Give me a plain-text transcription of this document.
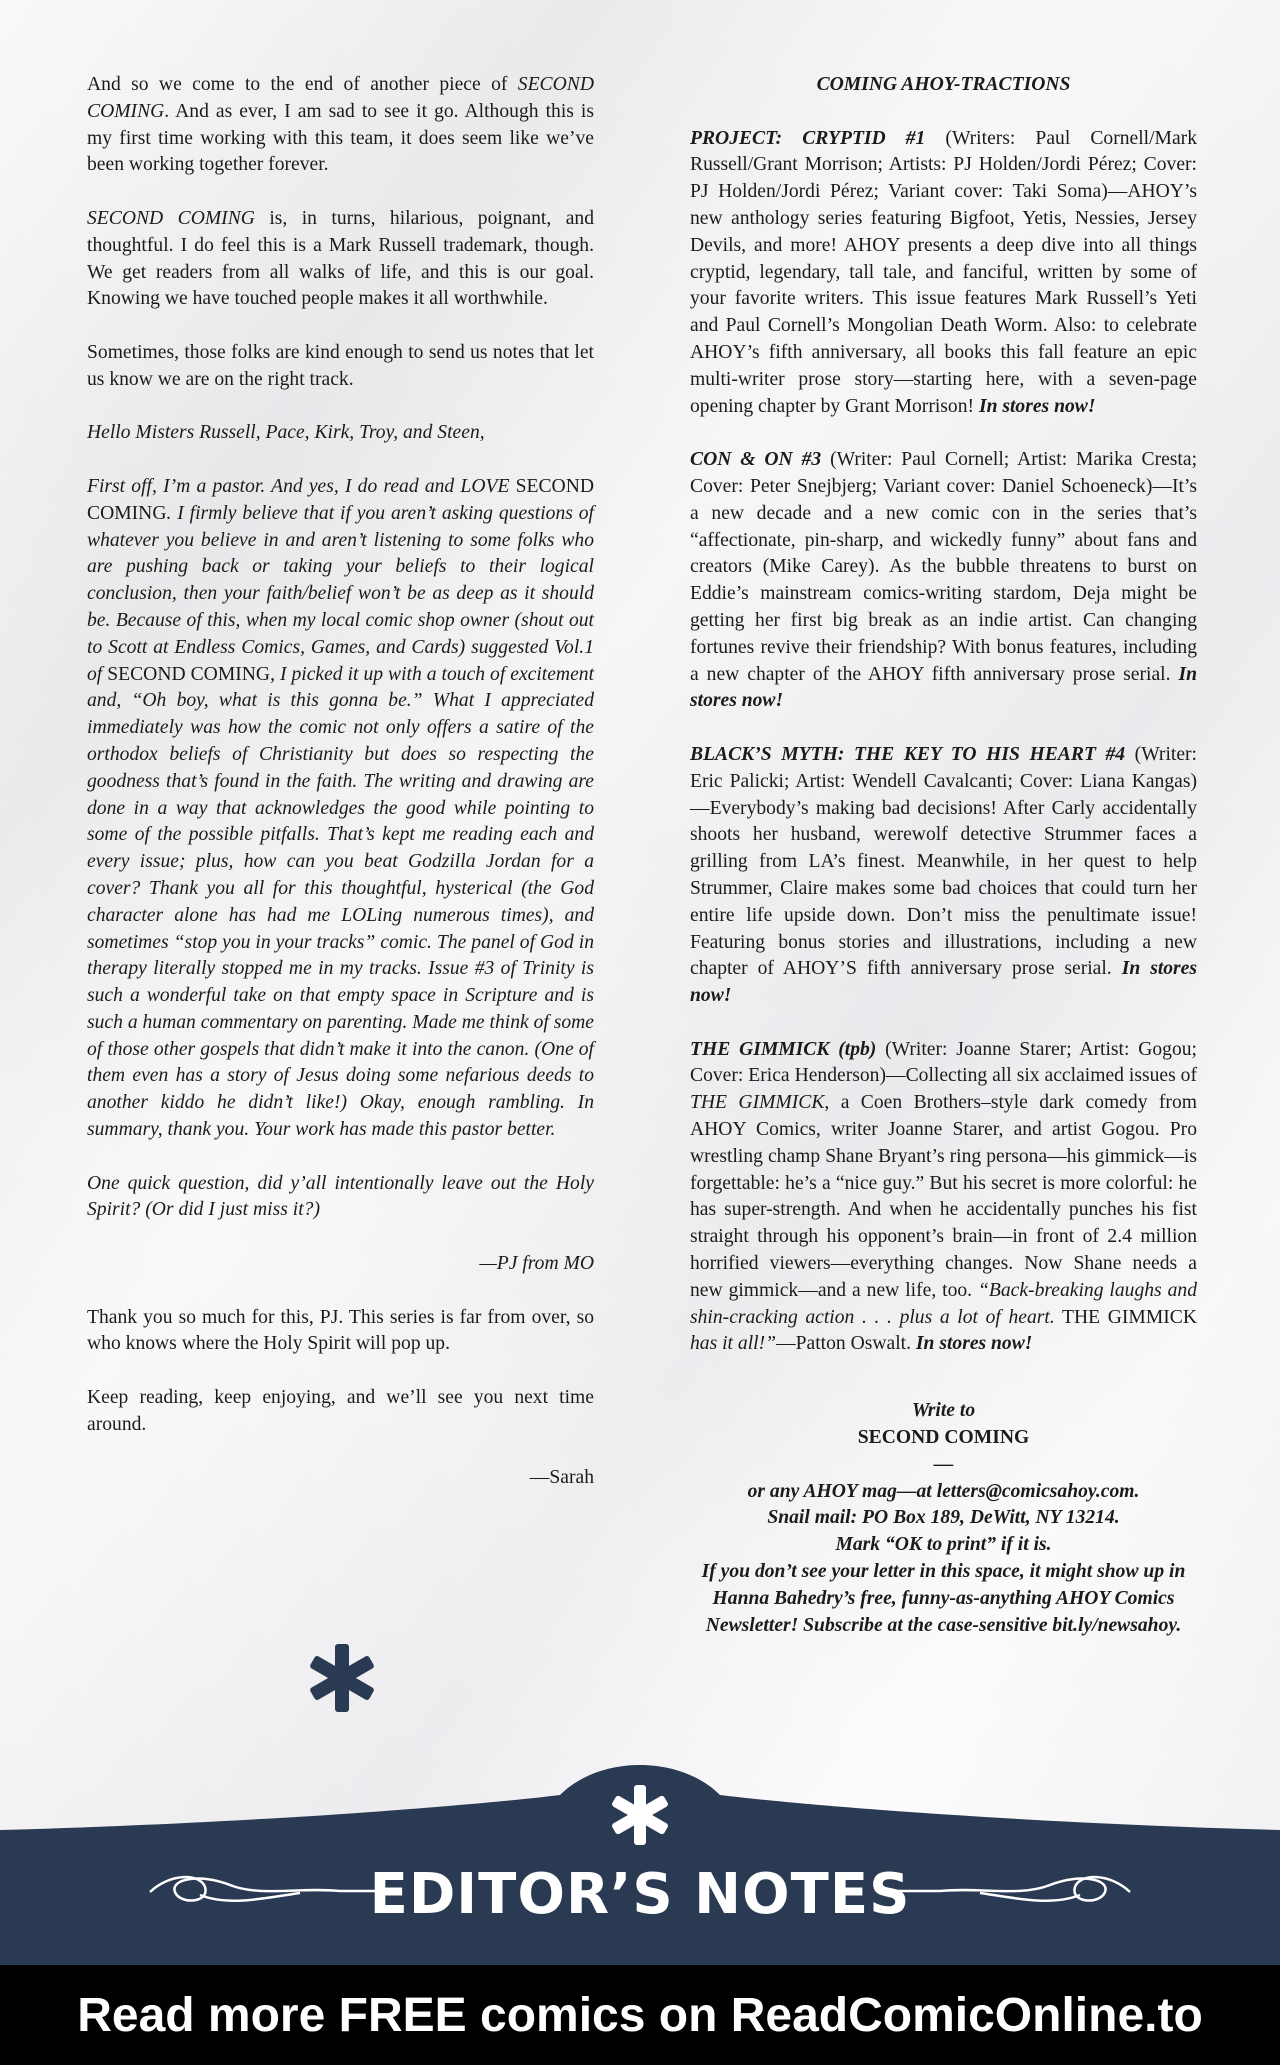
And so we come to the end of another piece of SECOND COMING. And as ever, I am sad to see it go. Although this is my first time working with this team, it does seem like we’ve been working together forever.

SECOND COMING is, in turns, hilarious, poignant, and thoughtful. I do feel this is a Mark Russell trademark, though. We get readers from all walks of life, and this is our goal. Knowing we have touched people makes it all worthwhile.

Sometimes, those folks are kind enough to send us notes that let us know we are on the right track.

Hello Misters Russell, Pace, Kirk, Troy, and Steen,

First off, I’m a pastor. And yes, I do read and LOVE SECOND COMING. I firmly believe that if you aren’t asking questions of whatever you believe in and aren’t listening to some folks who are pushing back or taking your beliefs to their logical conclusion, then your faith/belief won’t be as deep as it should be. Because of this, when my local comic shop owner (shout out to Scott at Endless Comics, Games, and Cards) suggested Vol.1 of SECOND COMING, I picked it up with a touch of excitement and, “Oh boy, what is this gonna be.” What I appreciated immediately was how the comic not only offers a satire of the orthodox beliefs of Christianity but does so respecting the goodness that’s found in the faith. The writing and drawing are done in a way that acknowledges the good while pointing to some of the possible pitfalls. That’s kept me reading each and every issue; plus, how can you beat Godzilla Jordan for a cover? Thank you all for this thoughtful, hysterical (the God character alone has had me LOLing numerous times), and sometimes “stop you in your tracks” comic. The panel of God in therapy literally stopped me in my tracks. Issue #3 of Trinity is such a wonderful take on that empty space in Scripture and is such a human commentary on parenting. Made me think of some of those other gospels that didn’t make it into the canon. (One of them even has a story of Jesus doing some nefarious deeds to another kiddo he didn’t like!) Okay, enough rambling. In summary, thank you. Your work has made this pastor better.

One quick question, did y’all intentionally leave out the Holy Spirit? (Or did I just miss it?)

—PJ from MO

Thank you so much for this, PJ. This series is far from over, so who knows where the Holy Spirit will pop up.

Keep reading, keep enjoying, and we’ll see you next time around.

—Sarah

COMING AHOY-TRACTIONS

PROJECT: CRYPTID #1 (Writers: Paul Cornell/Mark Russell/Grant Morrison; Artists: PJ Holden/Jordi Pérez; Cover: PJ Holden/Jordi Pérez; Variant cover: Taki Soma)—AHOY’s new anthology series featuring Bigfoot, Yetis, Nessies, Jersey Devils, and more! AHOY presents a deep dive into all things cryptid, legendary, tall tale, and fanciful, written by some of your favorite writers. This issue features Mark Russell’s Yeti and Paul Cornell’s Mongolian Death Worm. Also: to celebrate AHOY’s fifth anniversary, all books this fall feature an epic multi-writer prose story—starting here, with a seven-page opening chapter by Grant Morrison! In stores now!

CON & ON #3 (Writer: Paul Cornell; Artist: Marika Cresta; Cover: Peter Snejbjerg; Variant cover: Daniel Schoeneck)—It’s a new decade and a new comic con in the series that’s “affectionate, pin-sharp, and wickedly funny” about fans and creators (Mike Carey). As the bubble threatens to burst on Eddie’s mainstream comics-writing stardom, Deja might be getting her first big break as an indie artist. Can changing fortunes revive their friendship? With bonus features, including a new chapter of the AHOY fifth anniversary prose serial. In stores now!

BLACK’S MYTH: THE KEY TO HIS HEART #4 (Writer: Eric Palicki; Artist: Wendell Cavalcanti; Cover: Liana Kangas)—Everybody’s making bad decisions! After Carly accidentally shoots her husband, werewolf detective Strummer faces a grilling from LA’s finest. Meanwhile, in her quest to help Strummer, Claire makes some bad choices that could turn her entire life upside down. Don’t miss the penultimate issue! Featuring bonus stories and illustrations, including a new chapter of AHOY’S fifth anniversary prose serial. In stores now!

THE GIMMICK (tpb) (Writer: Joanne Starer; Artist: Gogou; Cover: Erica Henderson)—Collecting all six acclaimed issues of THE GIMMICK, a Coen Brothers–style dark comedy from AHOY Comics, writer Joanne Starer, and artist Gogou. Pro wrestling champ Shane Bryant’s ring persona—his gimmick—is forgettable: he’s a “nice guy.” But his secret is more colorful: he has super-strength. And when he accidentally punches his fist straight through his opponent’s brain—in front of 2.4 million horrified viewers—everything changes. Now Shane needs a new gimmick—and a new life, too. “Back-breaking laughs and shin-cracking action . . . plus a lot of heart. THE GIMMICK has it all!”—Patton Oswalt. In stores now!

Write to
SECOND COMING
—
or any AHOY mag—at letters@comicsahoy.com.
Snail mail: PO Box 189, DeWitt, NY 13214.
Mark “OK to print” if it is.
If you don’t see your letter in this space, it might show up in Hanna Bahedry’s free, funny-as-anything AHOY Comics Newsletter! Subscribe at the case-sensitive bit.ly/newsahoy.
EDITOR’S NOTES
Read more FREE comics on ReadComicOnline.to
